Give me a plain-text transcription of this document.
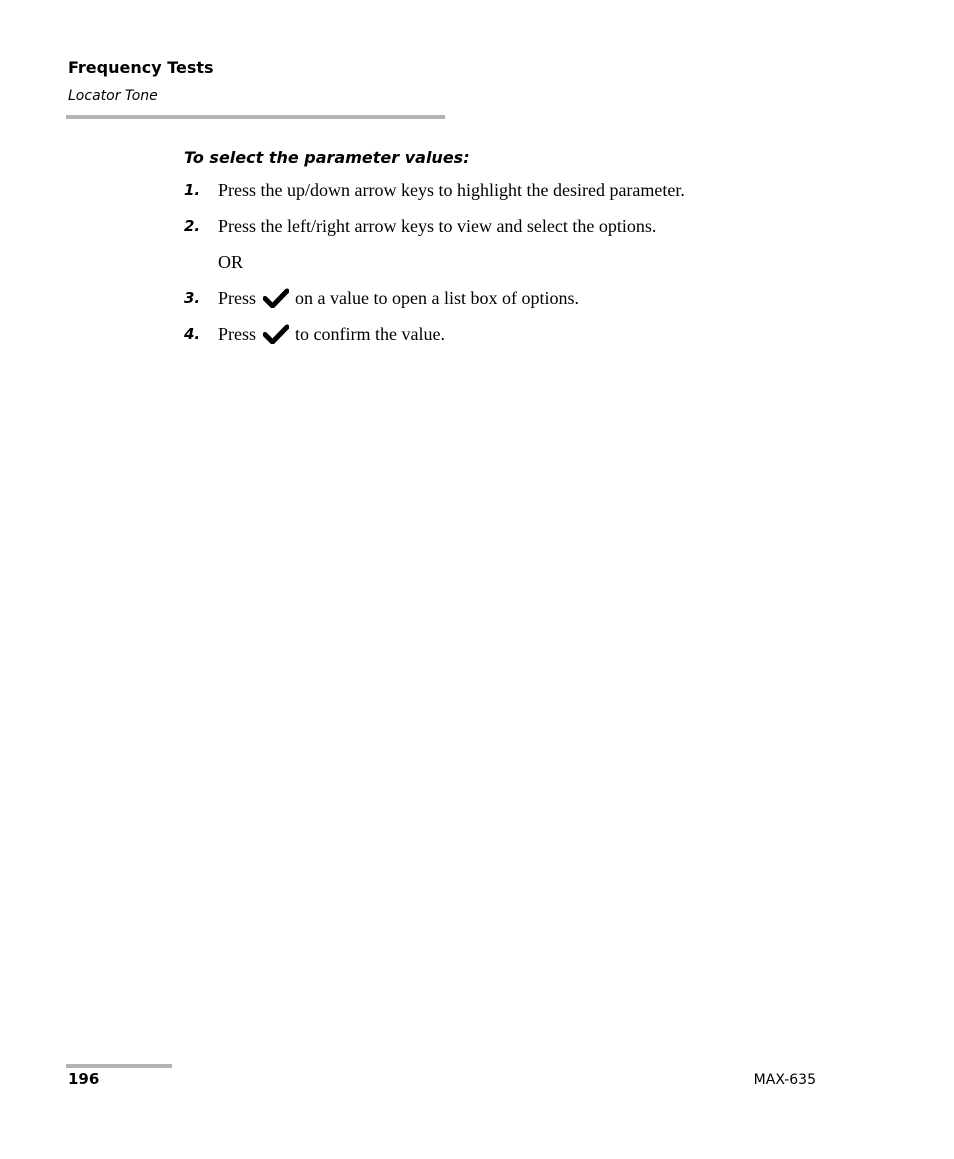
Frequency Tests
Locator Tone
To select the parameter values:
1. Press the up/down arrow keys to highlight the desired parameter.
2. Press the left/right arrow keys to view and select the options.
OR
3. Press on a value to open a list box of options.
4. Press to confirm the value.
196	MAX-635
